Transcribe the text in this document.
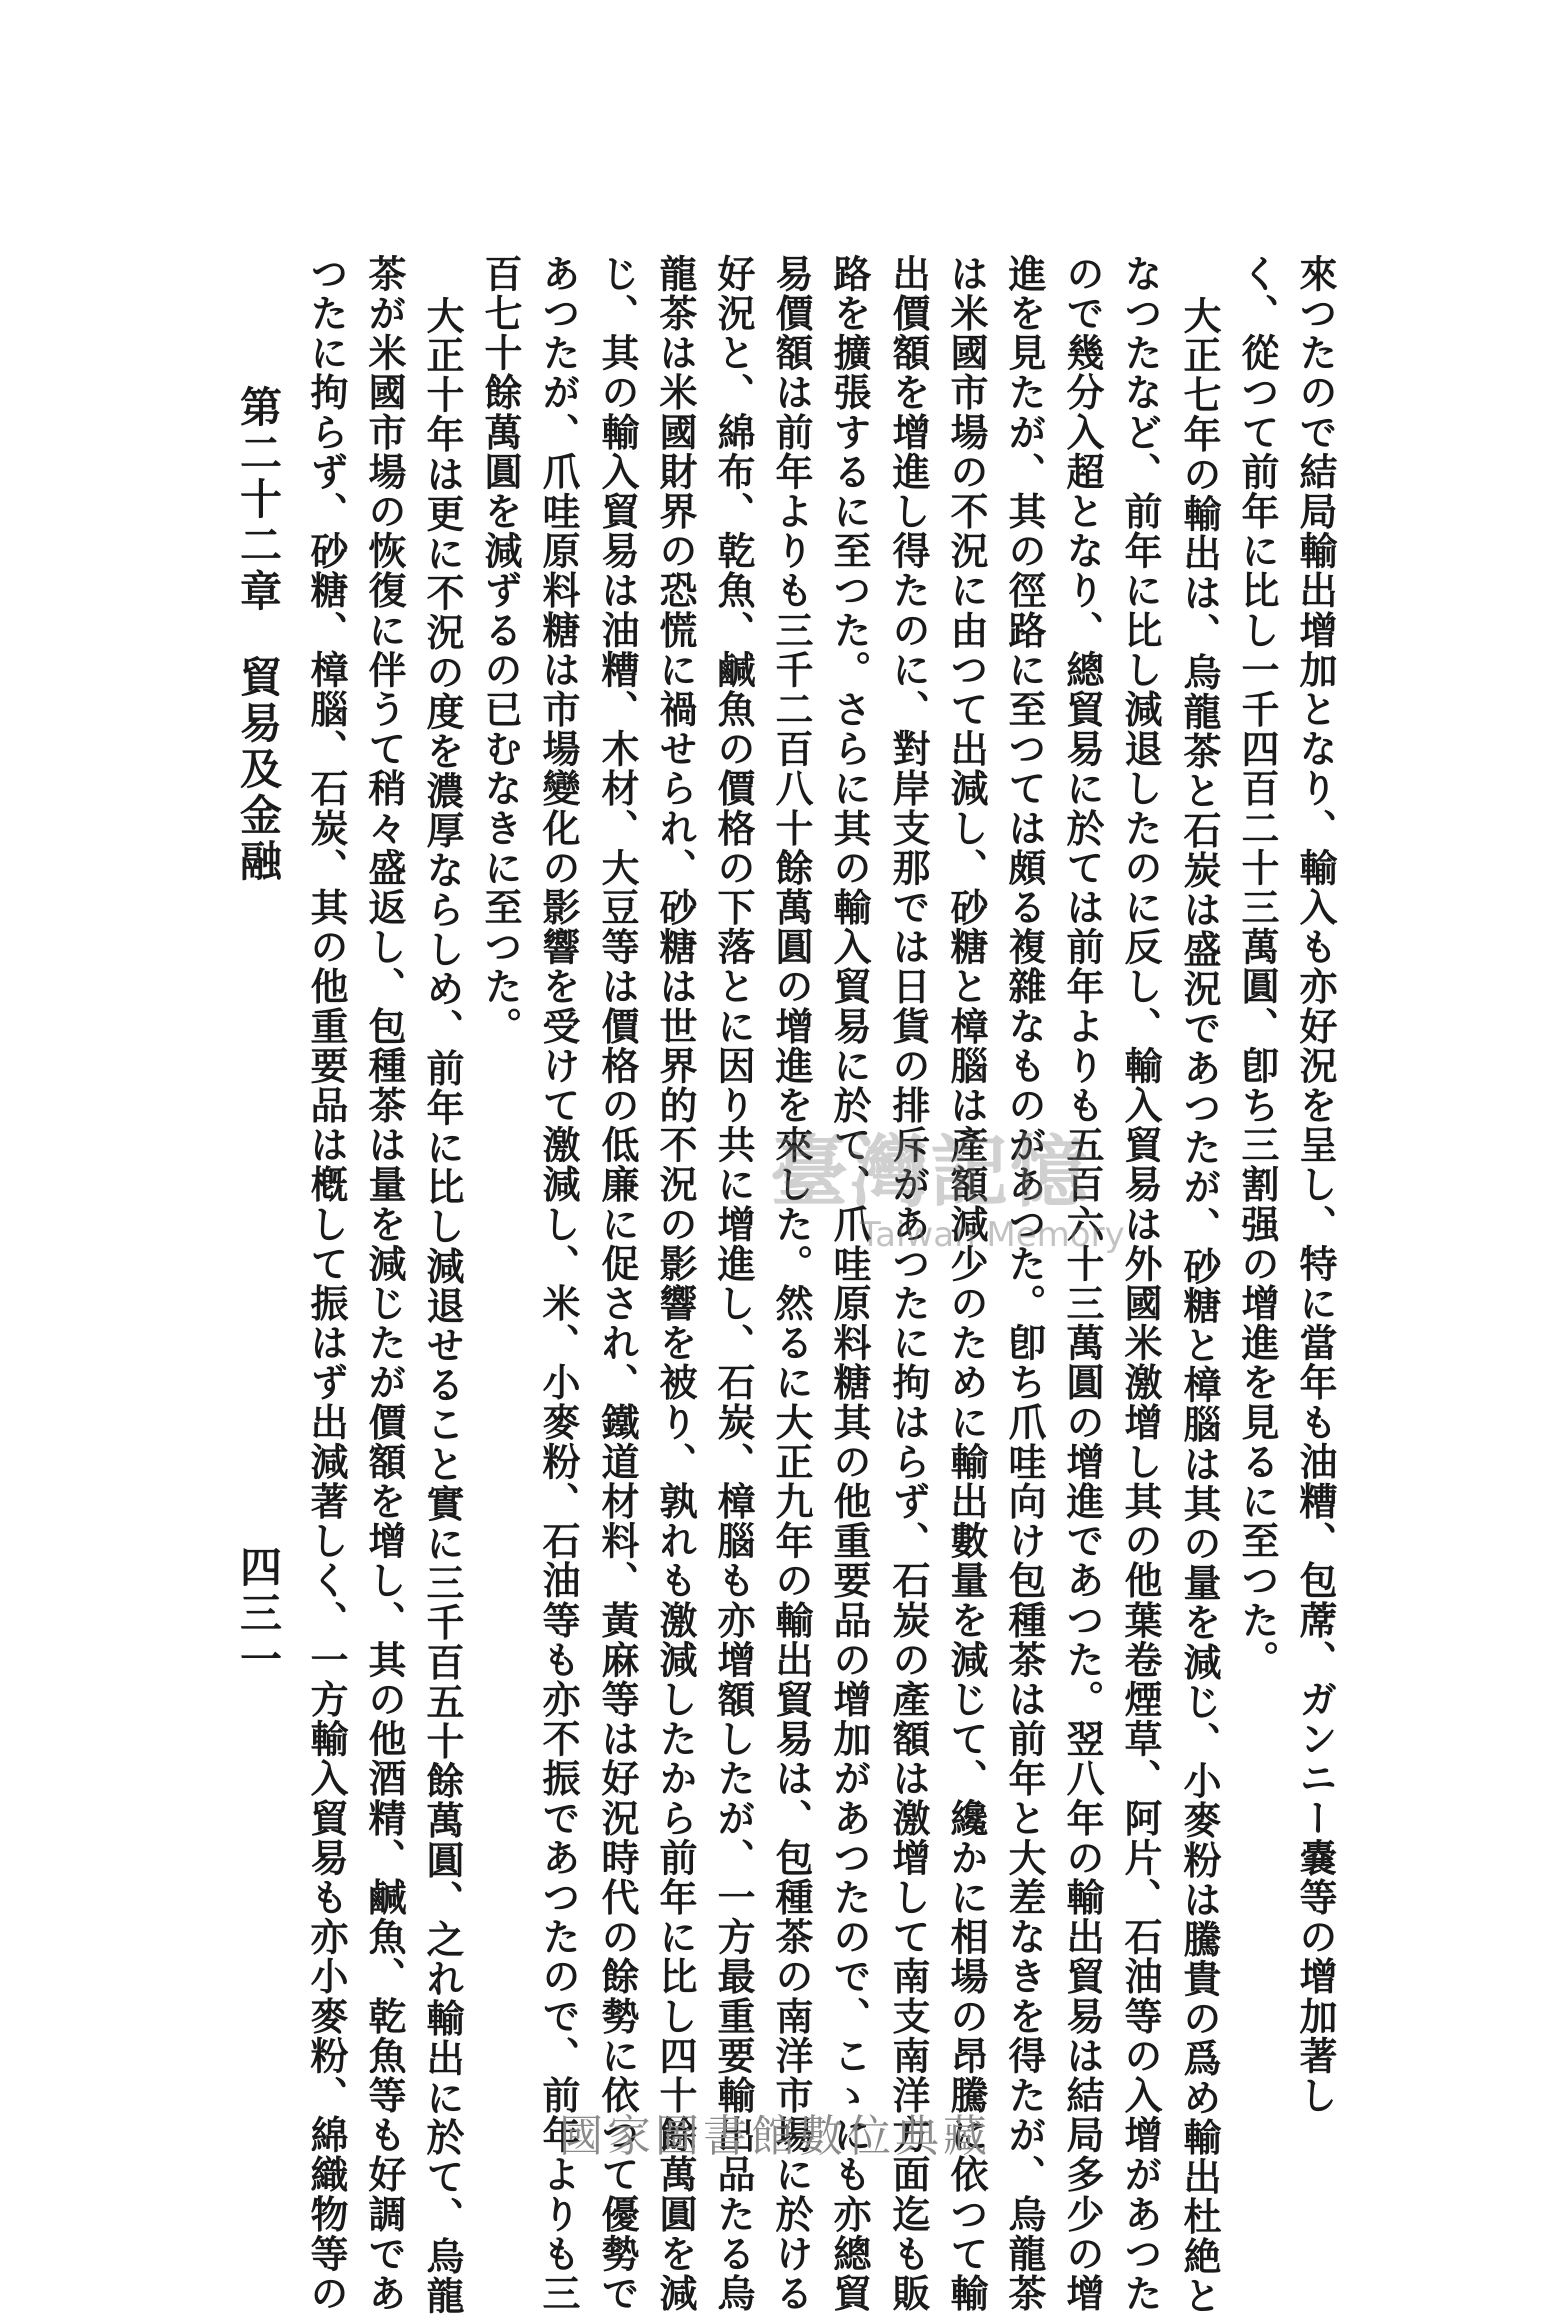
來つたので結局輸出增加となり、輸入も亦好況を呈し、特に當年も油糟、包蓆、ガンニー嚢等の增加著し
く、從つて前年に比し一千四百二十三萬圓、卽ち三割强の增進を見るに至つた。
大正七年の輸出は、烏龍茶と石炭は盛況であつたが、砂糖と樟腦は其の量を減じ、小麥粉は騰貴の爲め輸出杜絶と
なつたなど、前年に比し減退したのに反し、輸入貿易は外國米激增し其の他葉卷煙草、阿片、石油等の入增があつた
ので幾分入超となり、總貿易に於ては前年よりも五百六十三萬圓の增進であつた。翌八年の輸出貿易は結局多少の增
進を見たが、其の徑路に至つては頗る複雜なものがあつた。卽ち爪哇向け包種茶は前年と大差なきを得たが、烏龍茶
は米國市場の不況に由つて出減し、砂糖と樟腦は產額減少のために輸出數量を減じて、纔かに相場の昂騰に依つて輸
出價額を增進し得たのに、對岸支那では日貨の排斥があつたに拘はらず、石炭の產額は激增して南支南洋方面迄も販
路を擴張するに至つた。さらに其の輸入貿易に於て、爪哇原料糖其の他重要品の增加があつたので、こゝにも亦總貿
易價額は前年よりも三千二百八十餘萬圓の增進を來した。然るに大正九年の輸出貿易は、包種茶の南洋市場に於ける
好況と、綿布、乾魚、鹹魚の價格の下落とに因り共に增進し、石炭、樟腦も亦增額したが、一方最重要輸出品たる烏
龍茶は米國財界の恐慌に禍せられ、砂糖は世界的不況の影響を被り、孰れも激減したから前年に比し四十餘萬圓を減
じ、其の輸入貿易は油糟、木材、大豆等は價格の低廉に促され、鐵道材料、黃麻等は好況時代の餘勢に依つて優勢で
あつたが、爪哇原料糖は市場變化の影響を受けて激減し、米、小麥粉、石油等も亦不振であつたので、前年よりも三
百七十餘萬圓を減ずるの已むなきに至つた。
大正十年は更に不況の度を濃厚ならしめ、前年に比し減退せること實に三千百五十餘萬圓、之れ輸出に於て、烏龍
茶が米國市場の恢復に伴うて稍々盛返し、包種茶は量を減じたが價額を增し、其の他酒精、鹹魚、乾魚等も好調であ
つたに拘らず、砂糖、樟腦、石炭、其の他重要品は槪して振はず出減著しく、一方輸入貿易も亦小麥粉、綿織物等の
第二十二章貿易及金融
四三一
臺灣記憶
Taiwan Memory
國家圖書館數位典藏
